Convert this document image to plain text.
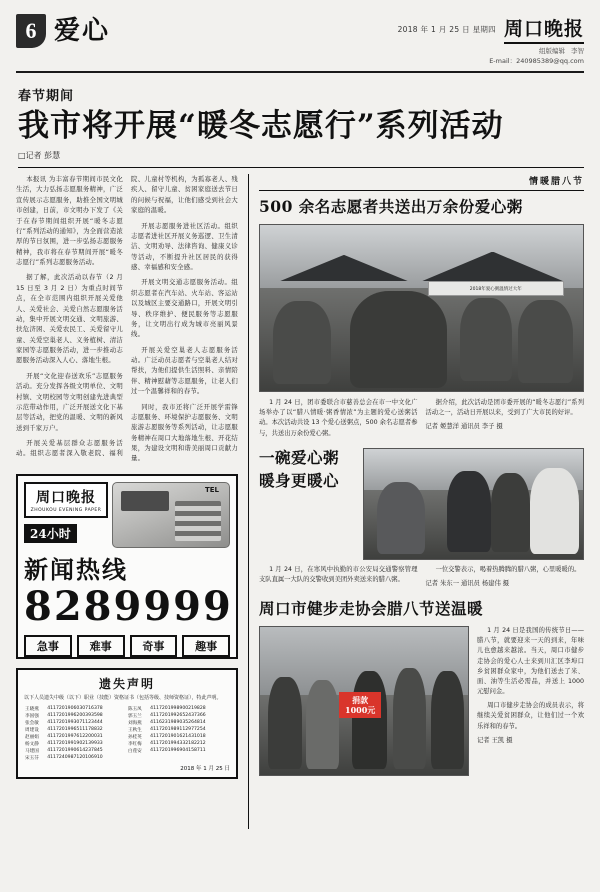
6 爱心	2018 年 1 月 25 日 星期四 周口晚报
组版编辑 李智
E-mail：240985389@qq.com
春节期间
我市将开展“暖冬志愿行”系列活动
□记者 彭慧

本报讯 为丰富春节期间市民文化生活，大力弘扬志愿服务精神，广泛宣传展示志愿服务，助推全国文明城市创建，日前，市文明办下发了《关于在春节期间组织开展“暖冬志愿行”系列活动的通知》，为全面营造浓厚的节日氛围，进一步弘扬志愿服务精神，我市将在春节期间开展“暖冬志愿行”系列志愿服务活动。

据了解，此次活动以春节（2 月 15 日至 3 月 2 日）为重点时间节点，在全市范围内组织开展关爱他人、关爱社会、关爱自然志愿服务活动，集中开展文明交通、文明旅游、扶危济困、关爱农民工、关爱留守儿童、关爱空巢老人、义务植树、清洁家园等志愿服务活动，进一步推动志愿服务活动深入人心、落地生根。

开展“文化迎春送欢乐”志愿服务活动。充分发挥各级文明单位、文明村镇、文明校园等文明创建先进典型示范带动作用，广泛开展送文化下基层等活动，把党的温暖、文明的新风送到千家万户。

开展关爱基层群众志愿服务活动。组织志愿者深入敬老院、福利院、儿童村等机构，为孤寡老人、残疾人、留守儿童、贫困家庭送去节日的问候与祝福，让他们感受到社会大家庭的温暖。

开展志愿服务进社区活动。组织志愿者进社区开展义务巡逻、卫生清洁、文明劝导、法律咨询、健康义诊等活动，不断提升社区居民的获得感、幸福感和安全感。

开展文明交通志愿服务活动。组织志愿者在汽车站、火车站、客运站以及城区主要交通路口，开展文明引导、秩序维护、便民服务等志愿服务，让文明出行成为城市亮丽风景线。

开展关爱空巢老人志愿服务活动。广泛动员志愿者与空巢老人结对帮扶，为他们提供生活照料、亲情陪伴、精神慰藉等志愿服务，让老人们过一个温馨祥和的春节。

同时，我市还将广泛开展学雷锋志愿服务、环境保护志愿服务、文明旅游志愿服务等系列活动，让志愿服务精神在周口大地落地生根、开花结果，为建设文明和谐美丽周口贡献力量。

周口晚报
ZHOUKOU EVENING PAPER
24小时
TEL
新闻热线
8289999
急事	难事	奇事	趣事
遗失声明
以下人员遗失中级（以下）职业（技能）资格证书（包括等级、技师资格证），特此声明。
王晓燕	4117201906030716378	陈玉凤	4117201998900219828
李国强	4117201996200393598	郭玉兰	4117201992652437366
张会敏	4117201993071123444	刘海燕	4116231989035264814
周建设	4117201996511178832	王秋生	4117201989112977254
赵丽娟	4117201997612200031	孙桂英	4117201901621431018
杨文静	4117201991902139933	李红梅	4117201994332182212
马建国	4117201990614237845	白莲安	4117201996904158711
宋玉芬	4117240987120106910		
2018 年 1 月 25 日
情暖腊八节
500 余名志愿者共送出万余份爱心粥
2018年爱心粥温情过大年

1 月 24 日，团市委联合市慈善总会在市一中文化广场举办了以“腊八情暖·粥香情浓”为主题的爱心送粥活动。本次活动共设 13 个爱心送粥点，500 余名志愿者参与，共送出万余份爱心粥。

据介绍，此次活动是团市委开展的“暖冬志愿行”系列活动之一，活动日开展以来，受到了广大市民的好评。

记者 姬慧洋 通讯员 李子 摄

一碗爱心粥
暖身更暖心

1 月 24 日，在寒风中执勤的市公安局交通警察管理支队直属一大队的交警收到美团外卖送来的腊八粥。

一位交警表示，喝着热腾腾的腊八粥，心里暖暖的。

记者 朱东一 通讯员 杨建伟 摄

周口市健步走协会腊八节送温暖
捐款
1000元

1 月 24 日是我国的传统节日——腊八节，就要迎来一天的到来，年味儿也愈越来越浓。当天，周口市健步走协会的爱心人士来到川汇区李埠口乡贫困群众家中，为他们送去了米、面、油等生活必需品，并送上 1000 元慰问金。

周口市健步走协会的成员表示，将继续关爱贫困群众，让他们过一个欢乐祥和的春节。

记者 王凯 摄
